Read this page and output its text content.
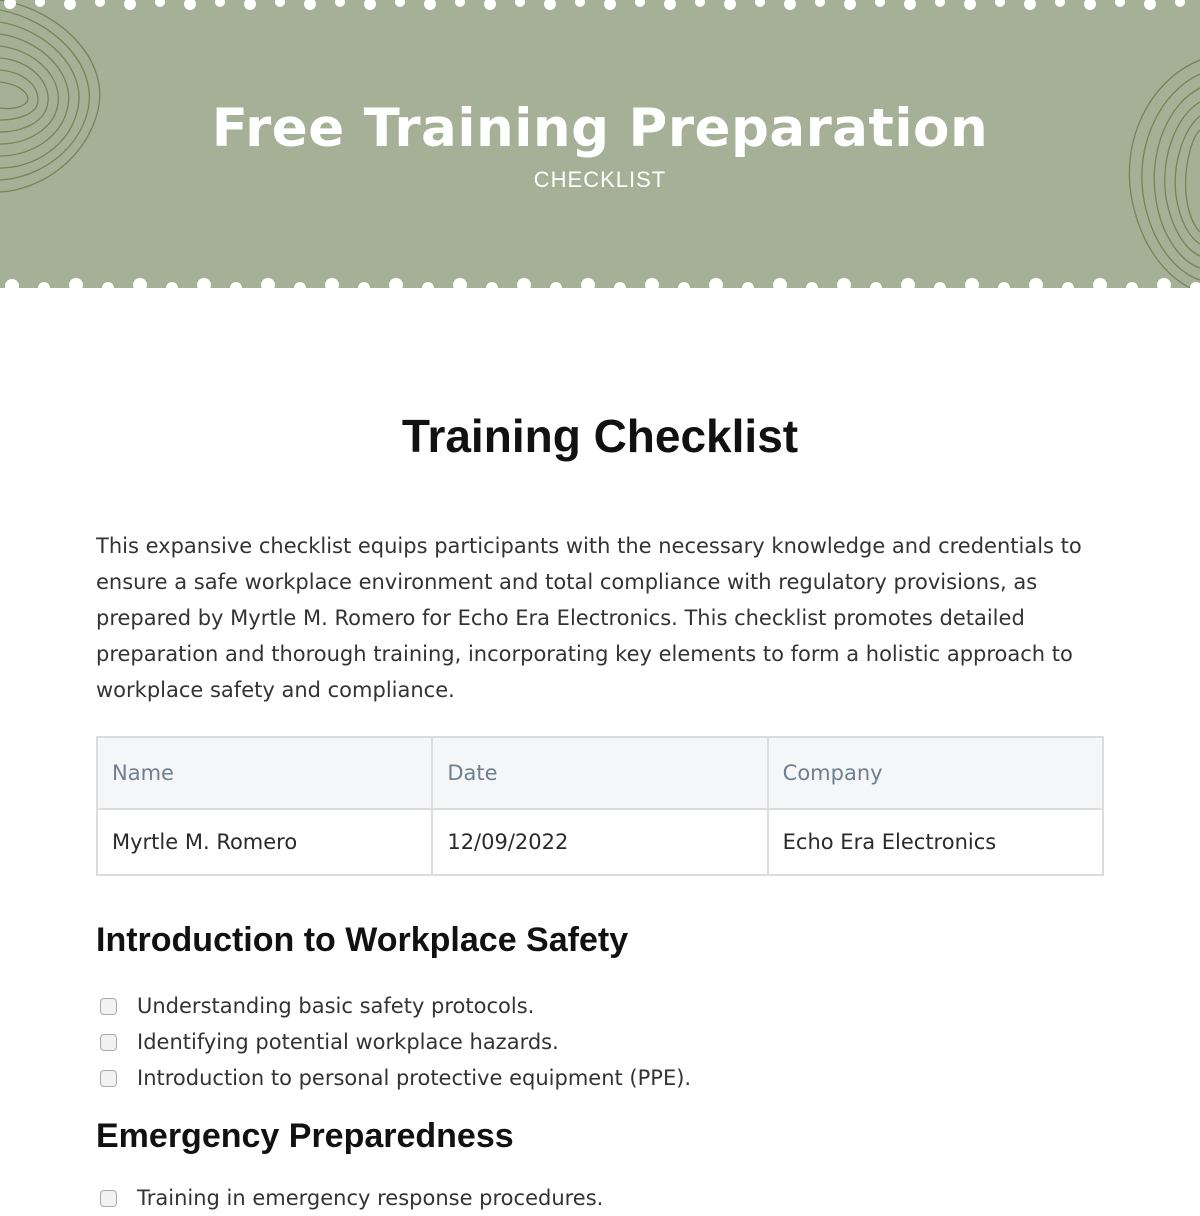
Free Training Preparation
CHECKLIST
Training Checklist

This expansive checklist equips participants with the necessary knowledge and credentials to ensure a safe workplace environment and total compliance with regulatory provisions, as prepared by Myrtle M. Romero for Echo Era Electronics. This checklist promotes detailed preparation and thorough training, incorporating key elements to form a holistic approach to workplace safety and compliance.

Name	Date	Company
Myrtle M. Romero	12/09/2022	Echo Era Electronics
Introduction to Workplace Safety
Understanding basic safety protocols.
Identifying potential workplace hazards.
Introduction to personal protective equipment (PPE).
Emergency Preparedness
Training in emergency response procedures.
